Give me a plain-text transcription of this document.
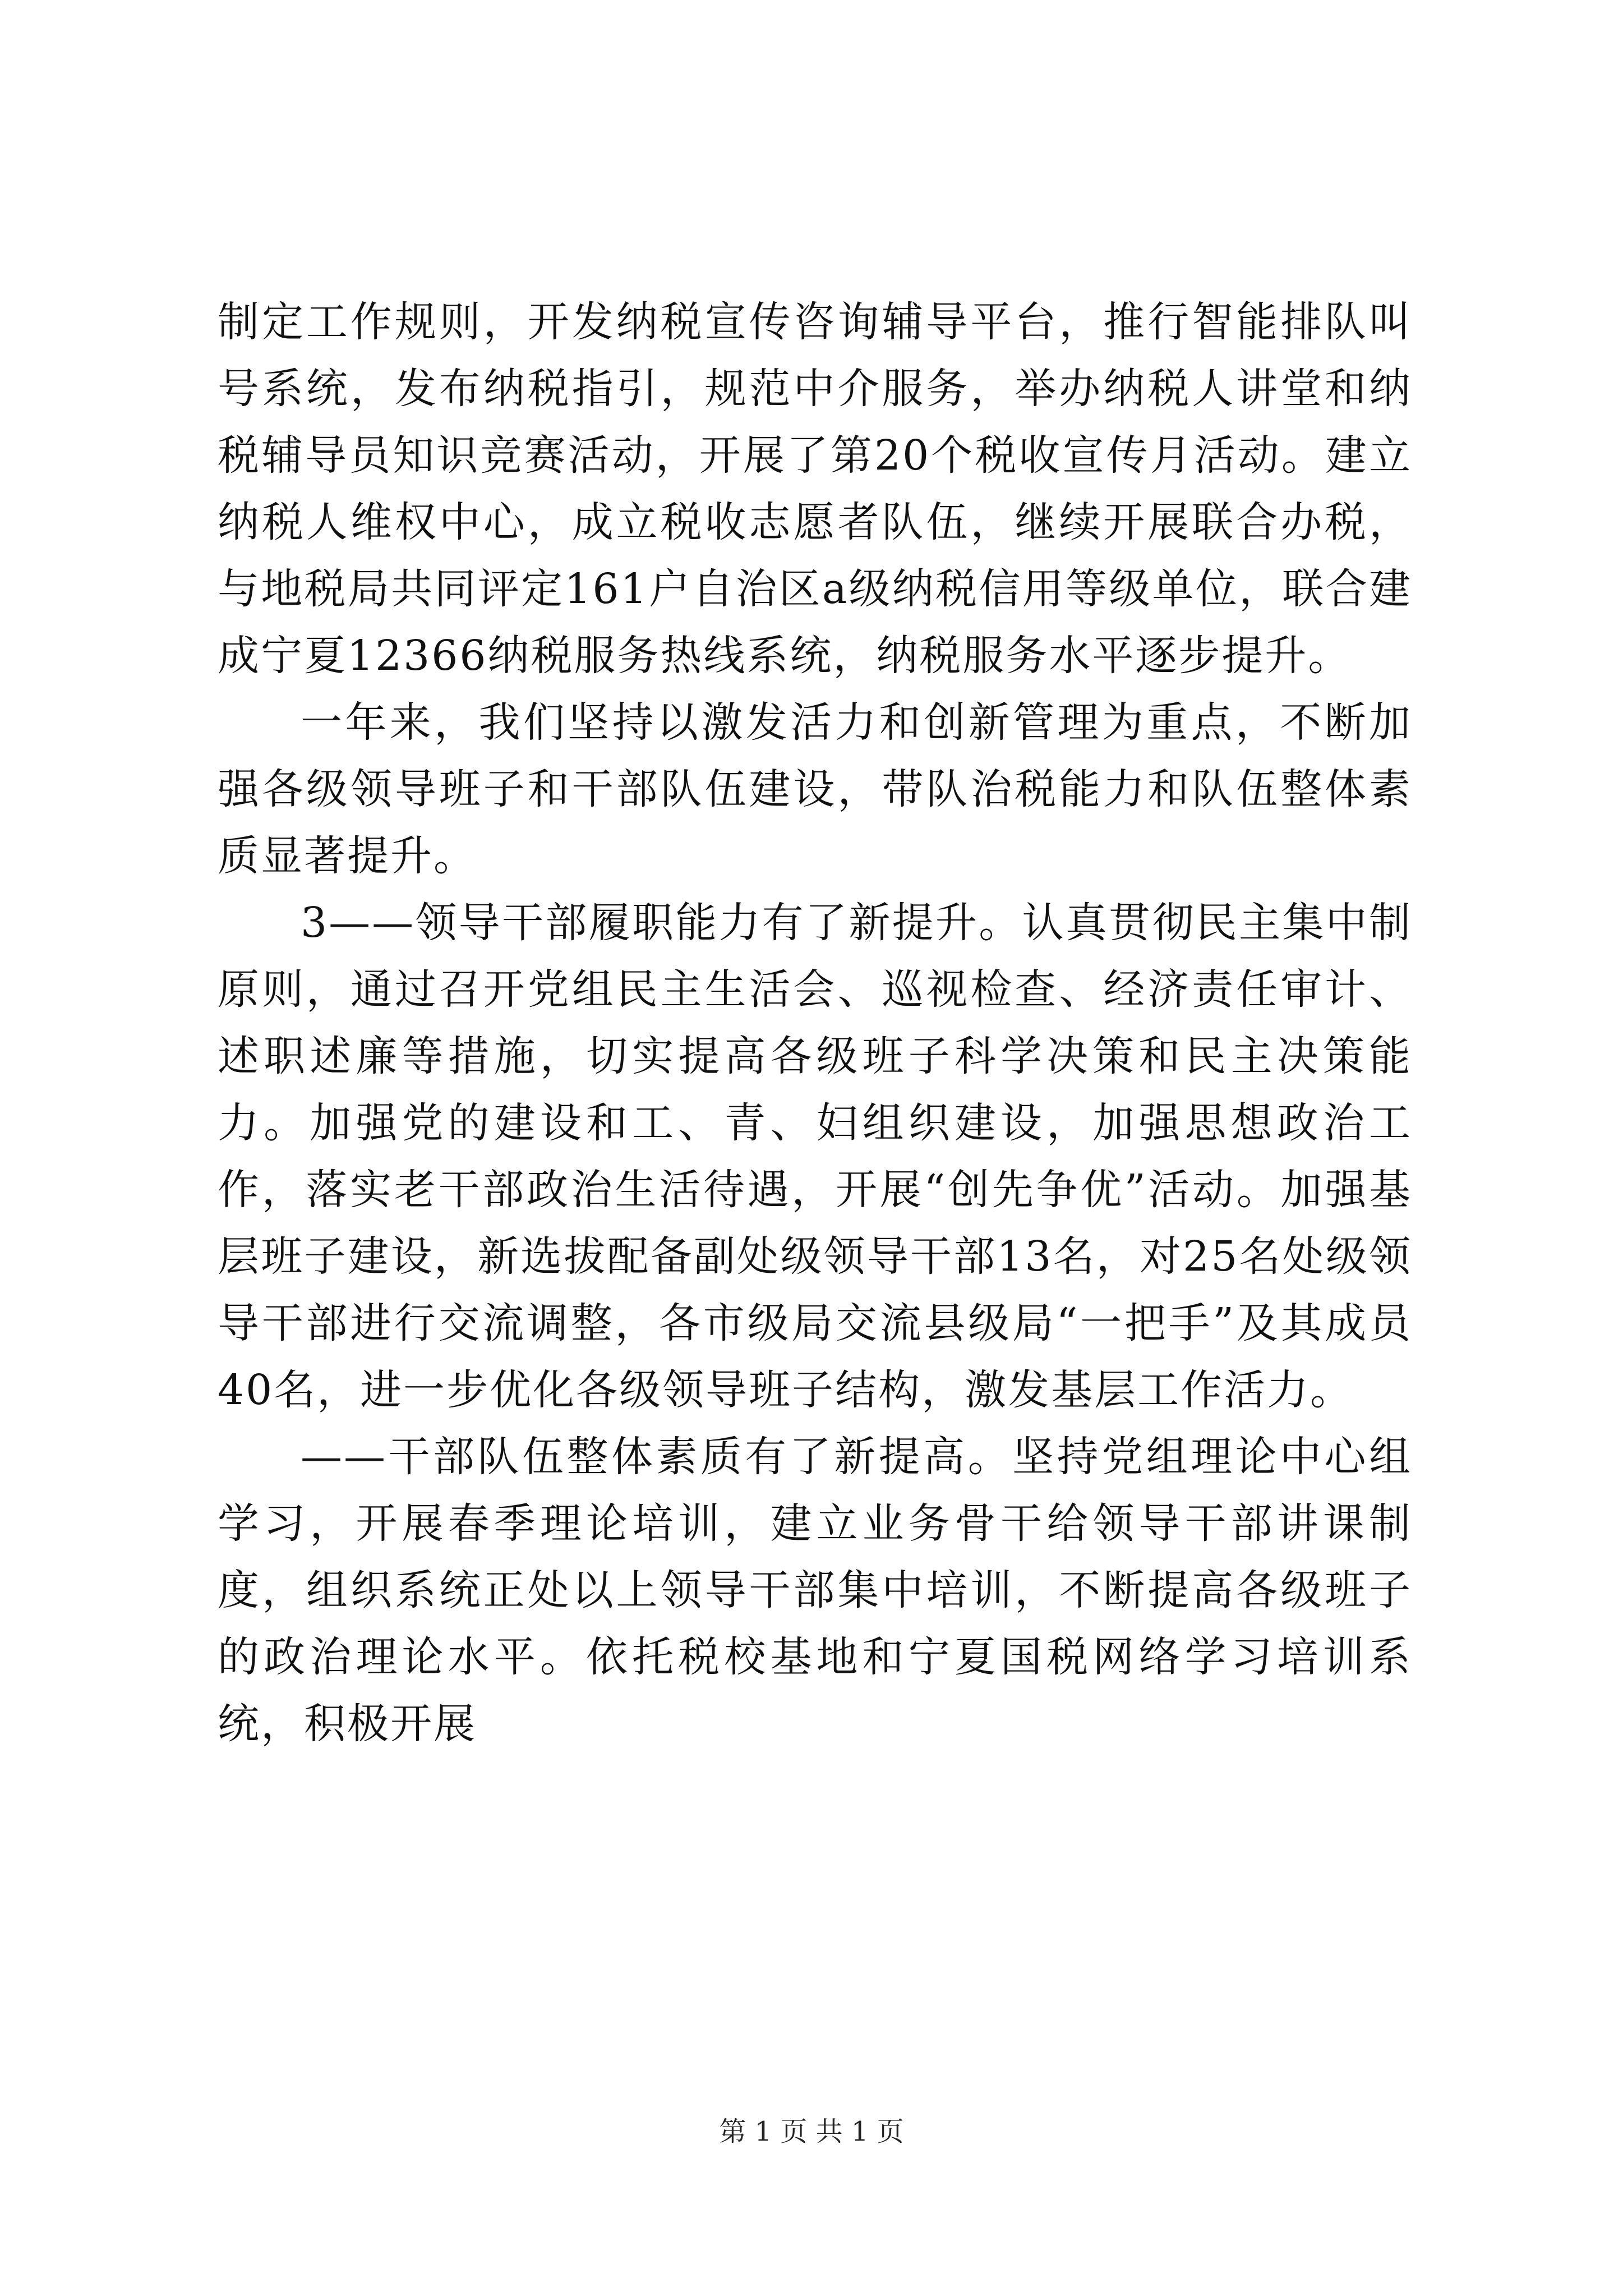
制定工作规则，开发纳税宣传咨询辅导平台，推行智能排队叫号系统，发布纳税指引，规范中介服务，举办纳税人讲堂和纳税辅导员知识竞赛活动，开展了第20个税收宣传月活动。建立纳税人维权中心，成立税收志愿者队伍，继续开展联合办税，与地税局共同评定161户自治区a级纳税信用等级单位，联合建成宁夏12366纳税服务热线系统，纳税服务水平逐步提升。

一年来，我们坚持以激发活力和创新管理为重点，不断加强各级领导班子和干部队伍建设，带队治税能力和队伍整体素质显著提升。

3——领导干部履职能力有了新提升。认真贯彻民主集中制原则，通过召开党组民主生活会、巡视检查、经济责任审计、述职述廉等措施，切实提高各级班子科学决策和民主决策能力。加强党的建设和工、青、妇组织建设，加强思想政治工作，落实老干部政治生活待遇，开展“创先争优”活动。加强基层班子建设，新选拔配备副处级领导干部13名，对25名处级领导干部进行交流调整，各市级局交流县级局“一把手”及其成员40名，进一步优化各级领导班子结构，激发基层工作活力。

——干部队伍整体素质有了新提高。坚持党组理论中心组学习，开展春季理论培训，建立业务骨干给领导干部讲课制度，组织系统正处以上领导干部集中培训，不断提高各级班子的政治理论水平。依托税校基地和宁夏国税网络学习培训系统，积极开展

第 1 页 共 1 页
